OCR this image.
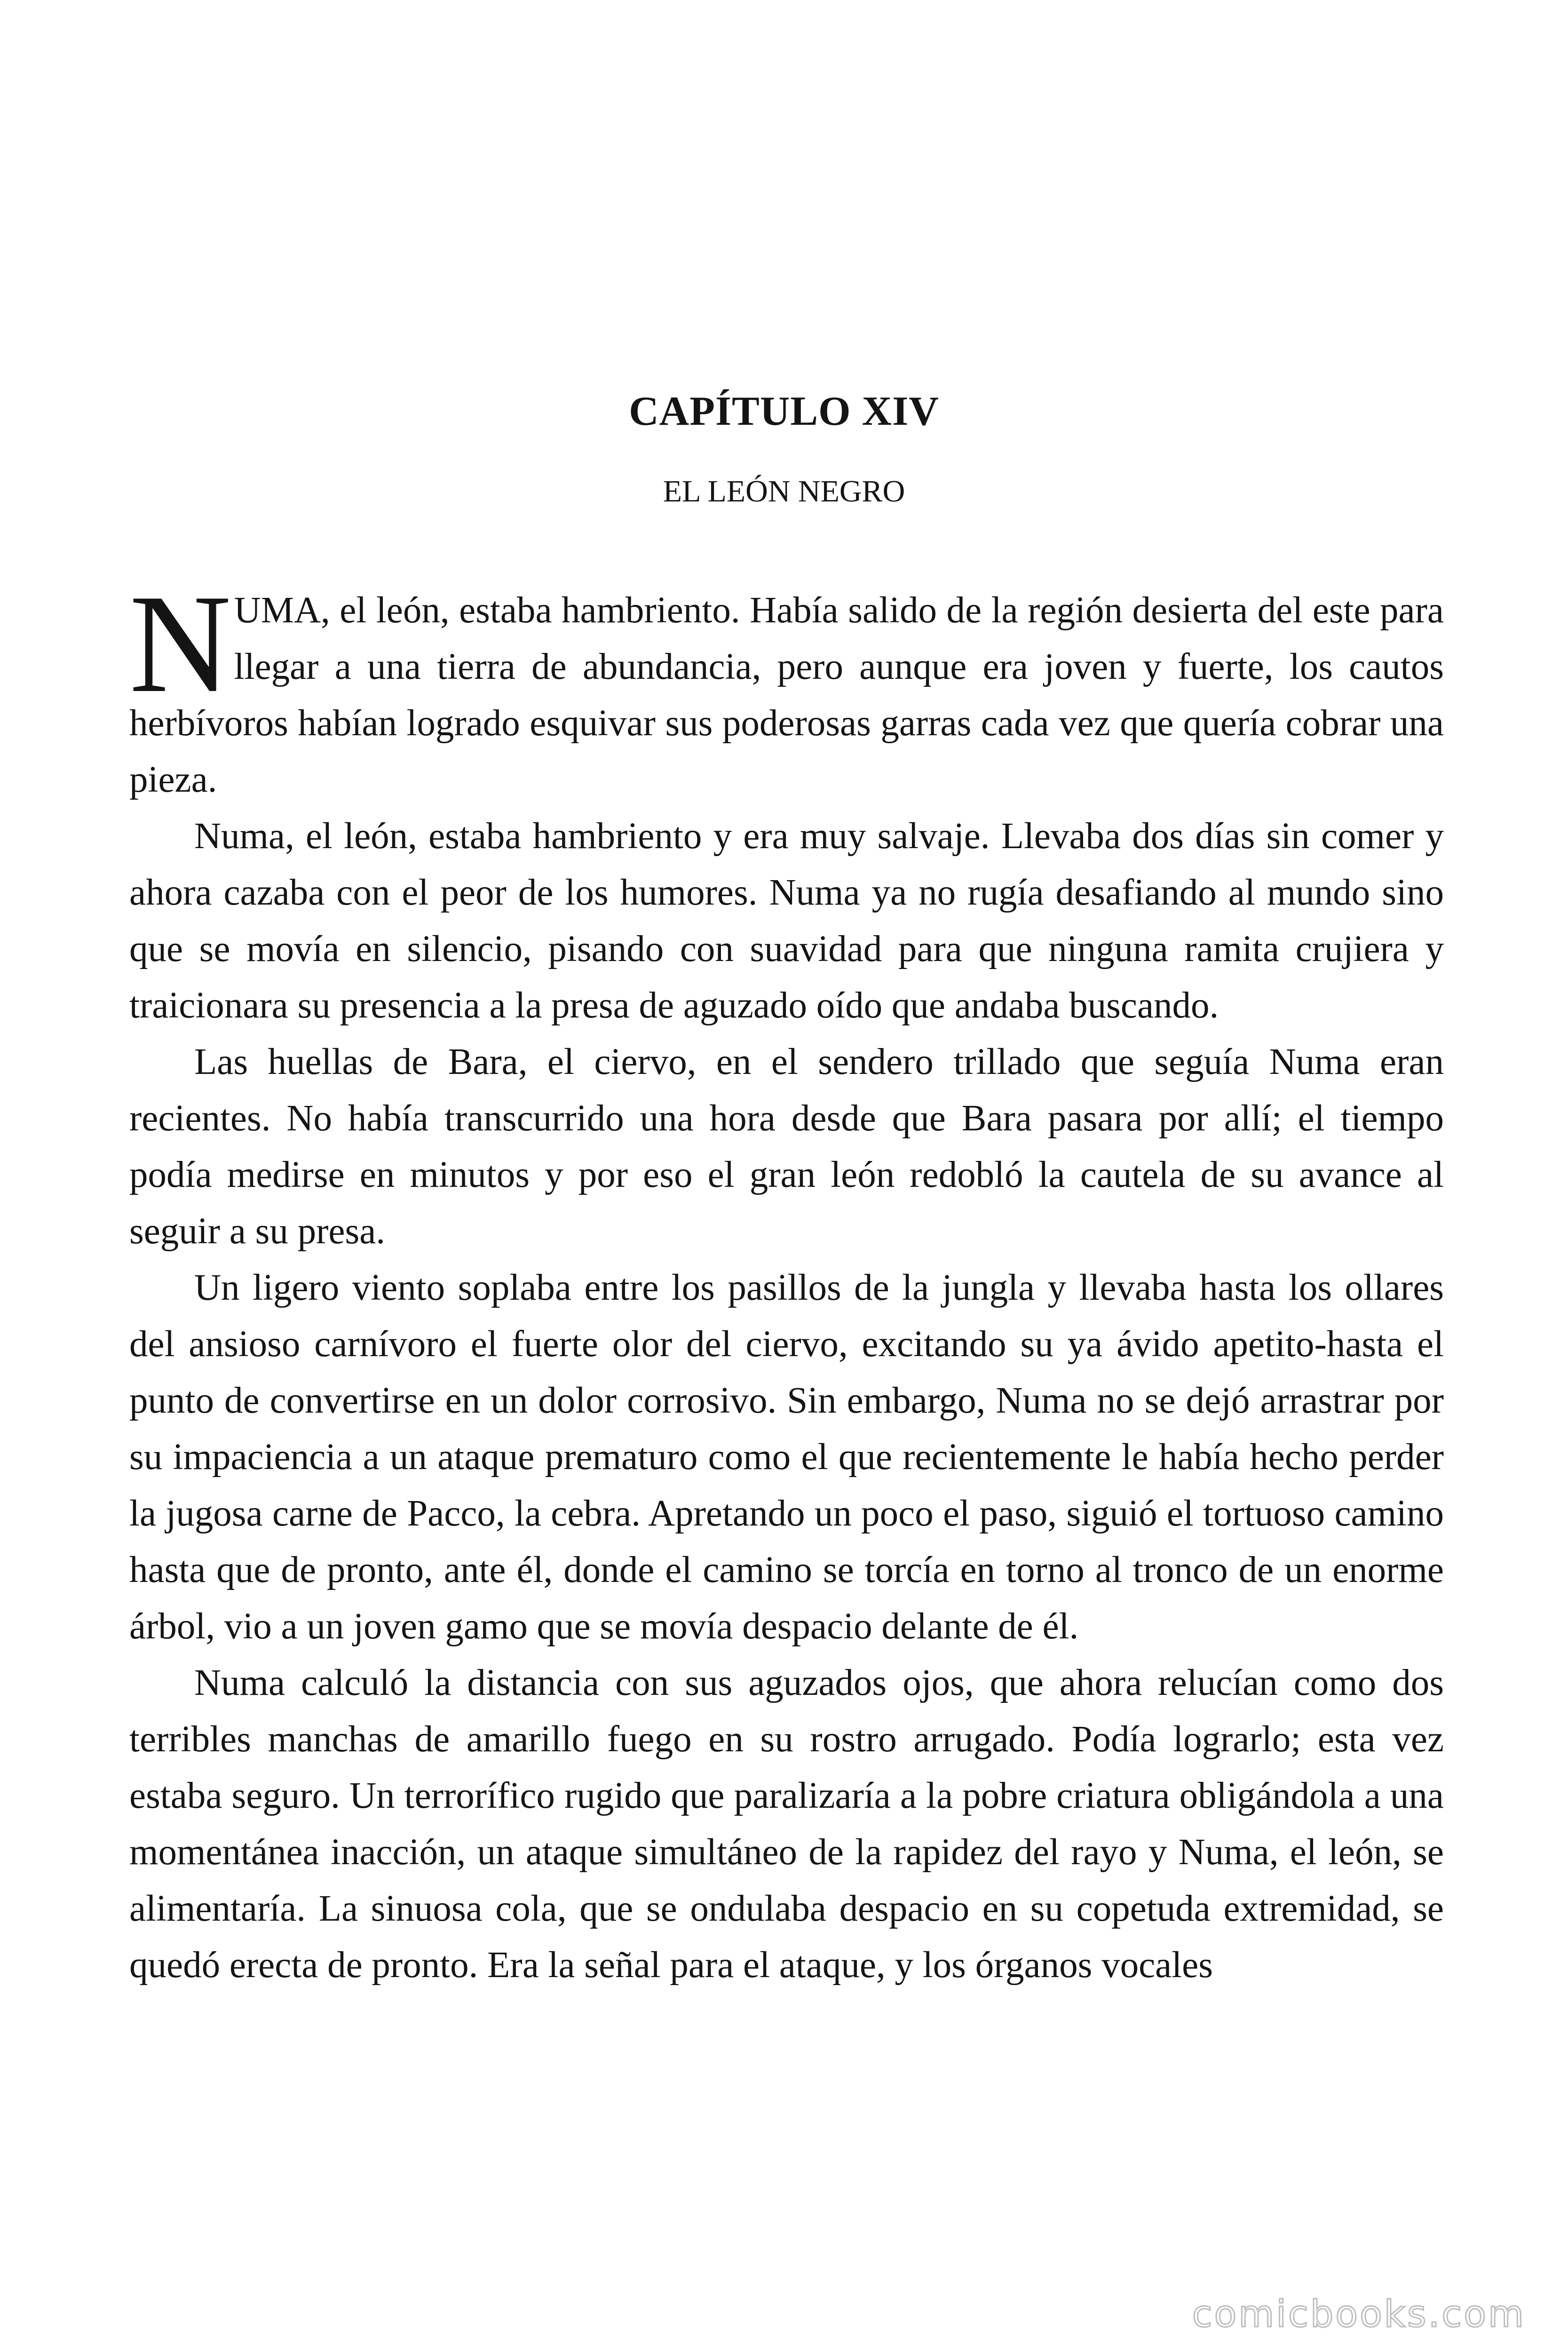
CAPÍTULO XIV
EL LEÓN NEGRO

NUMA, el león, estaba hambriento. Había salido de la región desierta del este para llegar a una tierra de abundancia, pero aunque era joven y fuerte, los cautos herbívoros habían logrado esquivar sus poderosas garras cada vez que quería cobrar una pieza.

Numa, el león, estaba hambriento y era muy salvaje. Llevaba dos días sin comer y ahora cazaba con el peor de los humores. Numa ya no rugía desafiando al mundo sino que se movía en silencio, pisando con suavidad para que ninguna ramita crujiera y traicionara su presencia a la presa de aguzado oído que andaba buscando.

Las huellas de Bara, el ciervo, en el sendero trillado que seguía Numa eran recientes. No había transcurrido una hora desde que Bara pasara por allí; el tiempo podía medirse en minutos y por eso el gran león redobló la cautela de su avance al seguir a su presa.

Un ligero viento soplaba entre los pasillos de la jungla y llevaba hasta los ollares del ansioso carnívoro el fuerte olor del ciervo, excitando su ya ávido apetito-hasta el punto de convertirse en un dolor corrosivo. Sin embargo, Numa no se dejó arrastrar por su impaciencia a un ataque prematuro como el que recientemente le había hecho perder la jugosa carne de Pacco, la cebra. Apretando un poco el paso, siguió el tortuoso camino hasta que de pronto, ante él, donde el camino se torcía en torno al tronco de un enorme árbol, vio a un joven gamo que se movía despacio delante de él.

Numa calculó la distancia con sus aguzados ojos, que ahora relucían como dos terribles manchas de amarillo fuego en su rostro arrugado. Podía lograrlo; esta vez estaba seguro. Un terrorífico rugido que paralizaría a la pobre criatura obligándola a una momentánea inacción, un ataque simultáneo de la rapidez del rayo y Numa, el león, se alimentaría. La sinuosa cola, que se ondulaba despacio en su copetuda extremidad, se quedó erecta de pronto. Era la señal para el ataque, y los órganos vocales

comicbooks.com
